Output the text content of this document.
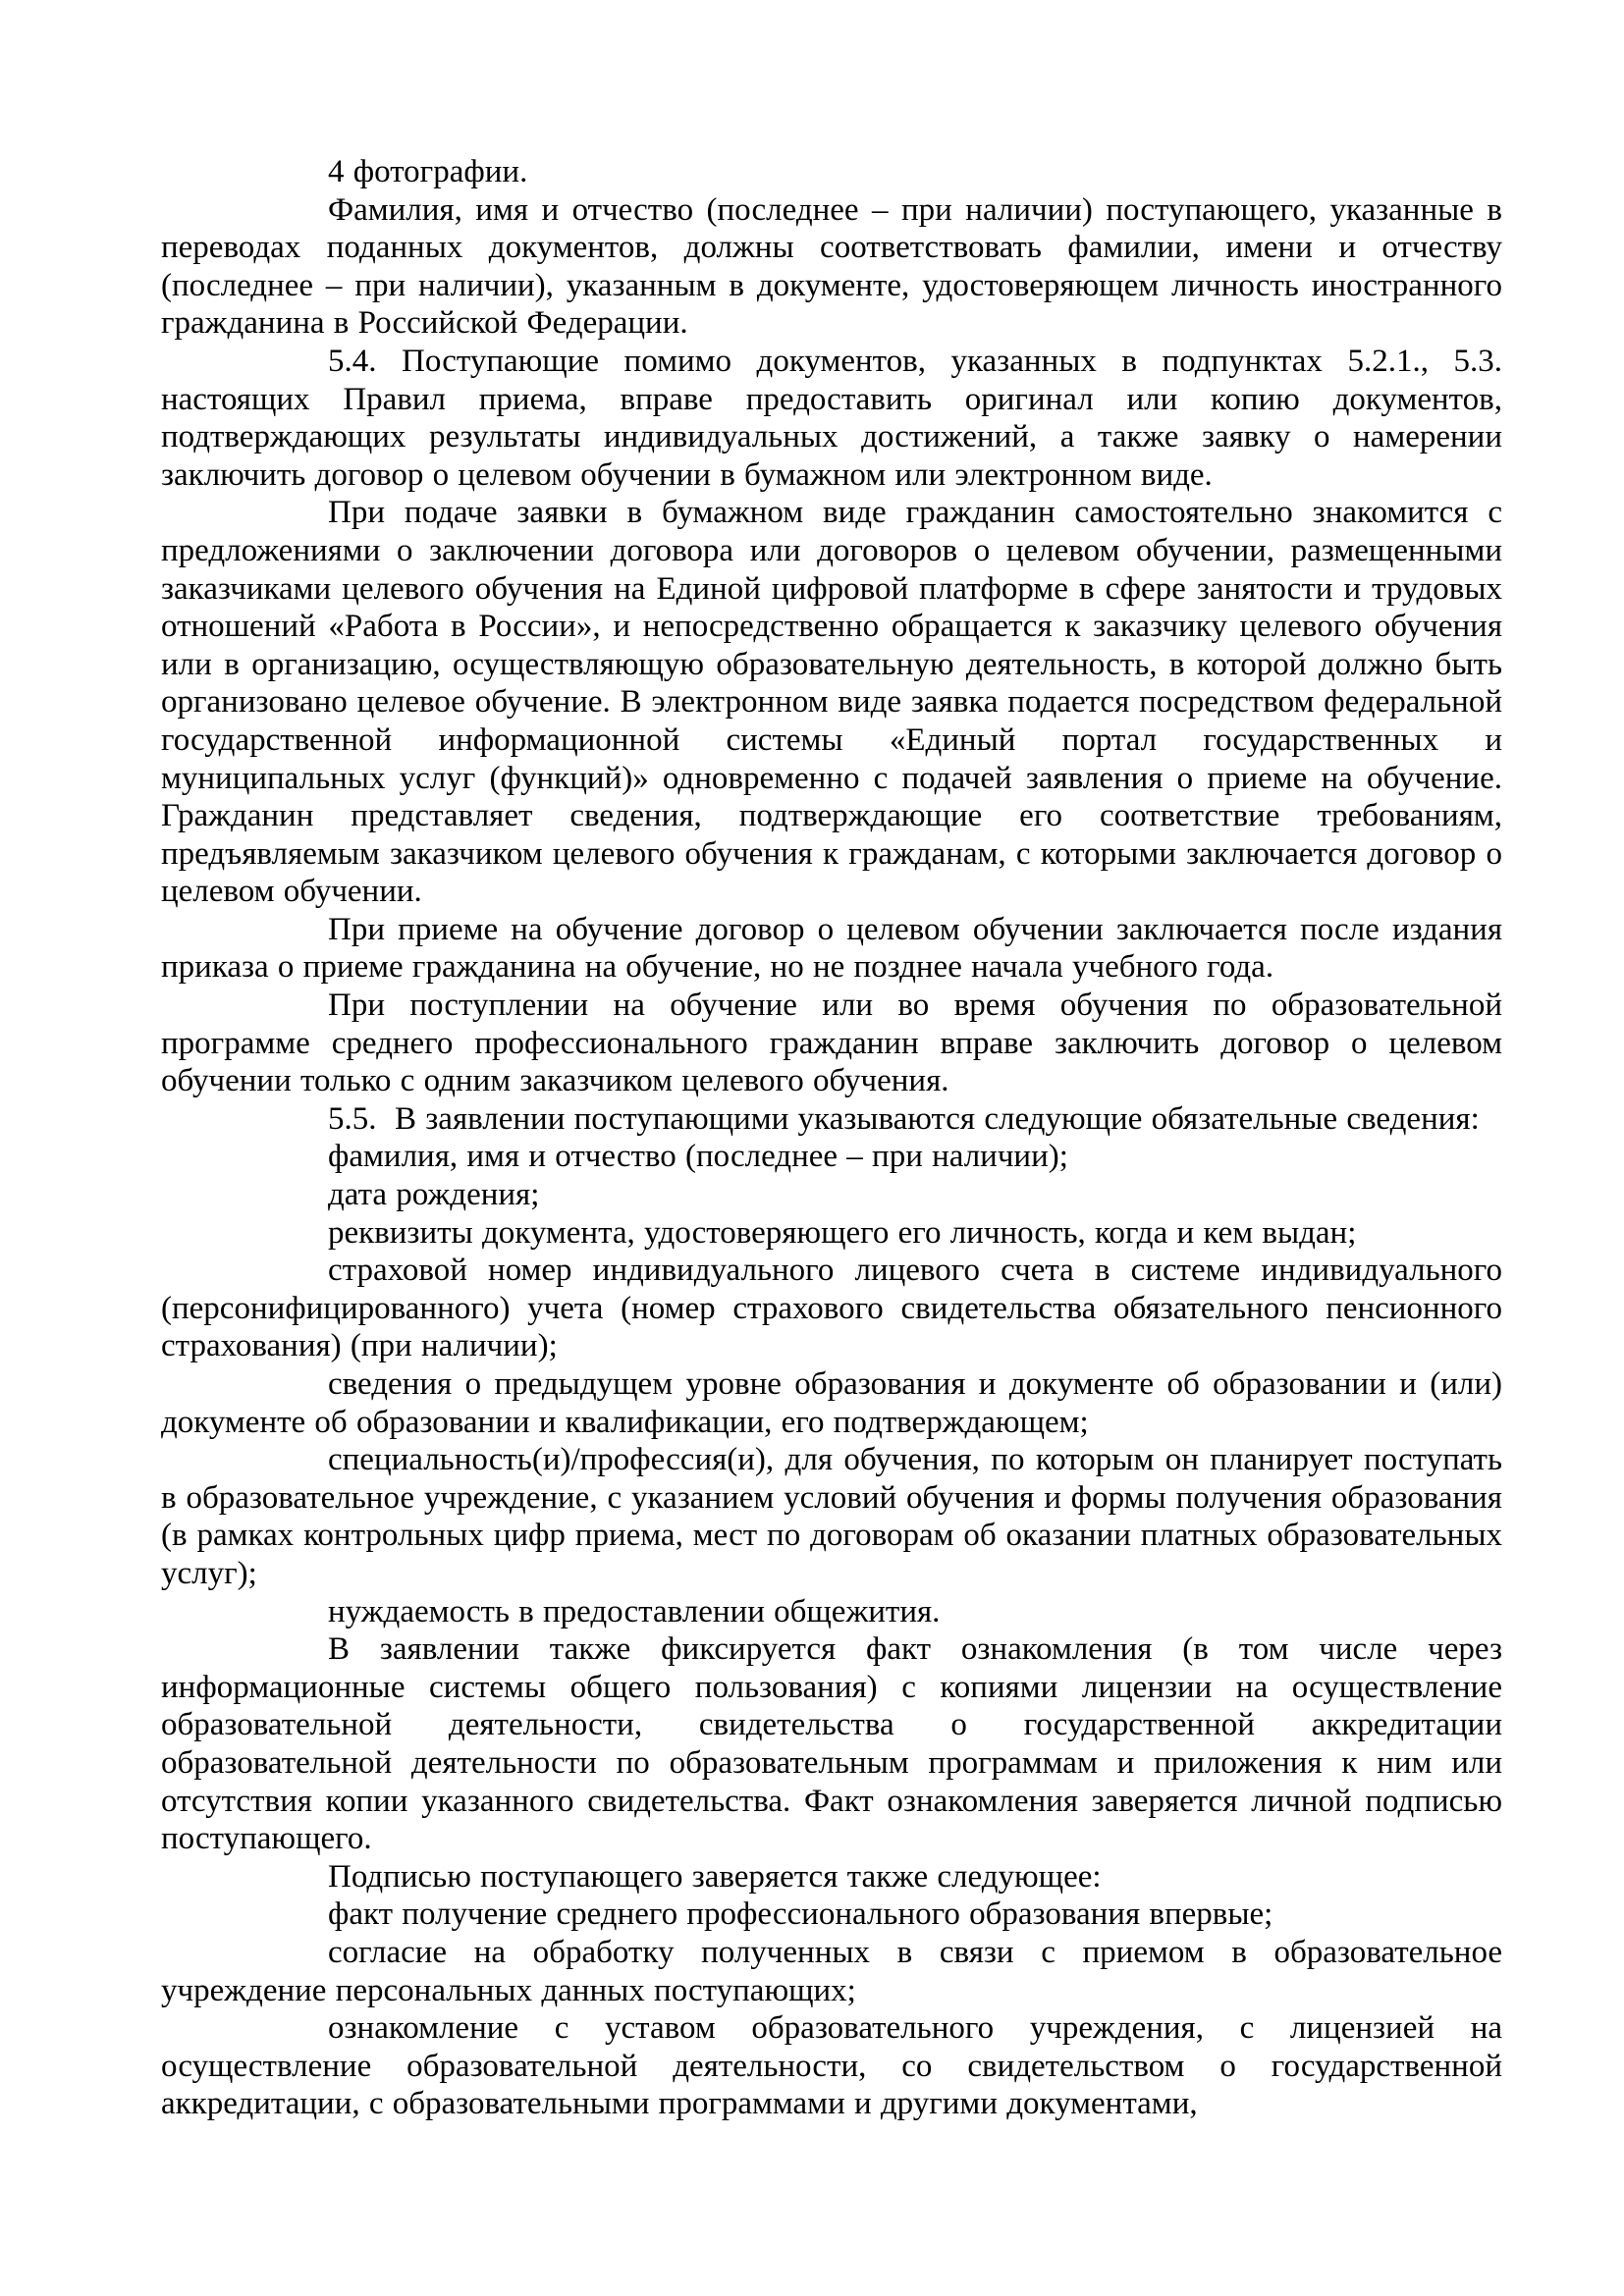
4 фотографии.

Фамилия, имя и отчество (последнее – при наличии) поступающего, указанные в переводах поданных документов, должны соответствовать фамилии, имени и отчеству (последнее – при наличии), указанным в документе, удостоверяющем личность иностранного гражданина в Российской Федерации.

5.4. Поступающие помимо документов, указанных в подпунктах 5.2.1., 5.3. настоящих Правил приема, вправе предоставить оригинал или копию документов, подтверждающих результаты индивидуальных достижений, а также заявку о намерении заключить договор о целевом обучении в бумажном или электронном виде.

При подаче заявки в бумажном виде гражданин самостоятельно знакомится с предложениями о заключении договора или договоров о целевом обучении, размещенными заказчиками целевого обучения на Единой цифровой платформе в сфере занятости и трудовых отношений «Работа в России», и непосредственно обращается к заказчику целевого обучения или в организацию, осуществляющую образовательную деятельность, в которой должно быть организовано целевое обучение. В электронном виде заявка подается посредством федеральной государственной информационной системы «Единый портал государственных и муниципальных услуг (функций)» одновременно с подачей заявления о приеме на обучение. Гражданин представляет сведения, подтверждающие его соответствие требованиям, предъявляемым заказчиком целевого обучения к гражданам, с которыми заключается договор о целевом обучении.

При приеме на обучение договор о целевом обучении заключается после издания приказа о приеме гражданина на обучение, но не позднее начала учебного года.

При поступлении на обучение или во время обучения по образовательной программе среднего профессионального гражданин вправе заключить договор о целевом обучении только с одним заказчиком целевого обучения.

5.5.  В заявлении поступающими указываются следующие обязательные сведения:

фамилия, имя и отчество (последнее – при наличии);

дата рождения;

реквизиты документа, удостоверяющего его личность, когда и кем выдан;

страховой номер индивидуального лицевого счета в системе индивидуального (персонифицированного) учета (номер страхового свидетельства обязательного пенсионного страхования) (при наличии);

сведения о предыдущем уровне образования и документе об образовании и (или) документе об образовании и квалификации, его подтверждающем;

специальность(и)/профессия(и), для обучения, по которым он планирует поступать в образовательное учреждение, с указанием условий обучения и формы получения образования (в рамках контрольных цифр приема, мест по договорам об оказании платных образовательных услуг);

нуждаемость в предоставлении общежития.

В заявлении также фиксируется факт ознакомления (в том числе через информационные системы общего пользования) с копиями лицензии на осуществление образовательной деятельности, свидетельства о государственной аккредитации образовательной деятельности по образовательным программам и приложения к ним или отсутствия копии указанного свидетельства. Факт ознакомления заверяется личной подписью поступающего.

Подписью поступающего заверяется также следующее:

факт получение среднего профессионального образования впервые;

согласие на обработку полученных в связи с приемом в образовательное учреждение персональных данных поступающих;

ознакомление с уставом образовательного учреждения, с лицензией на осуществление образовательной деятельности, со свидетельством о государственной аккредитации, с образовательными программами и другими документами,
